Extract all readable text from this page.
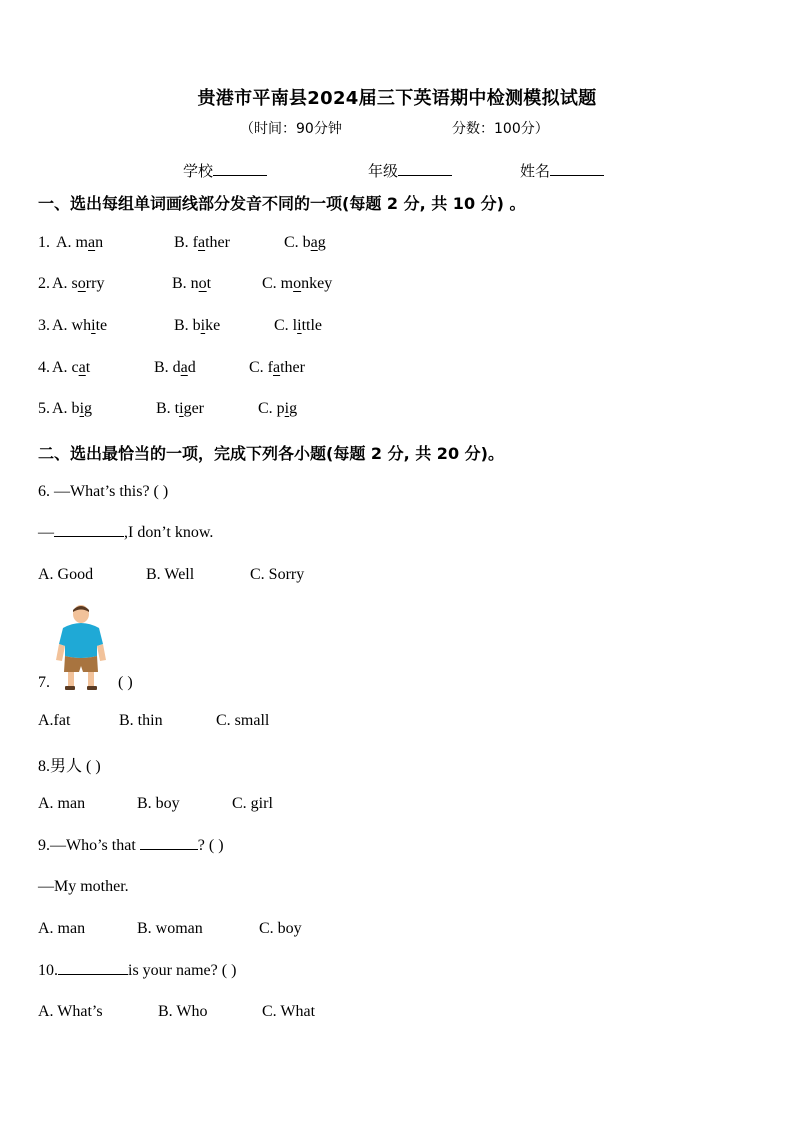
贵港市平南县2024届三下英语期中检测模拟试题
（时间：90分钟	分数：100分）
学校	年级	姓名
一、选出每组单词画线部分发音不同的一项(每题 2 分, 共 10 分) 。
1. A. man	B. father	C. bag
2. A. sorry	B. not	C. monkey
3. A. white	B. bike	C. little
4. A. cat	B. dad	C. father
5. A. big	B. tiger	C. pig
二、选出最恰当的一项，完成下列各小题(每题 2 分, 共 20 分)。
6. —What’s this? ( )
—	,I don’t know.
A. Good	B. Well	C. Sorry
7.	( )
A.fat	B. thin	C. small
8.男人 ( )
A. man	B. boy	C. girl
9.—Who’s that	? ( )
—My mother.
A. man	B. woman	C. boy
10.	is your name? ( )
A. What’s	B. Who	C. What
